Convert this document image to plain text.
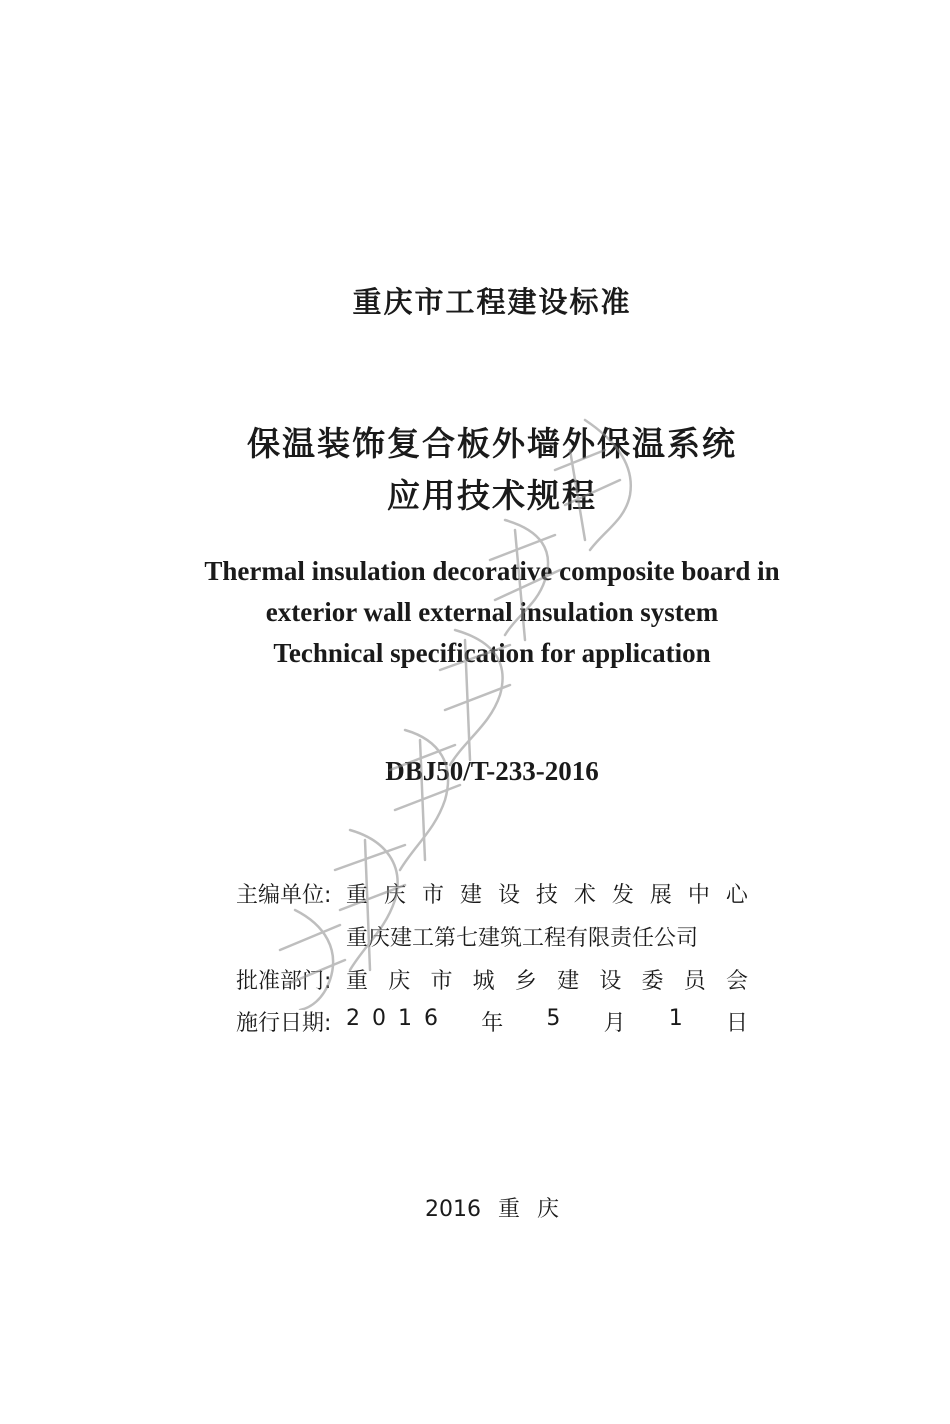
重庆市工程建设标准
保温装饰复合板外墙外保温系统
应用技术规程
Thermal insulation decorative composite board in
exterior wall external insulation system
Technical specification for application
DBJ50/T-233-2016
主编单位: 重 庆 市 建 设 技 术 发 展 中 心
重庆建工第七建筑工程有限责任公司
批准部门: 重 庆 市 城 乡 建 设 委 员 会
施行日期: 2 0 1 6 年 5 月 1 日
2016 重 庆
